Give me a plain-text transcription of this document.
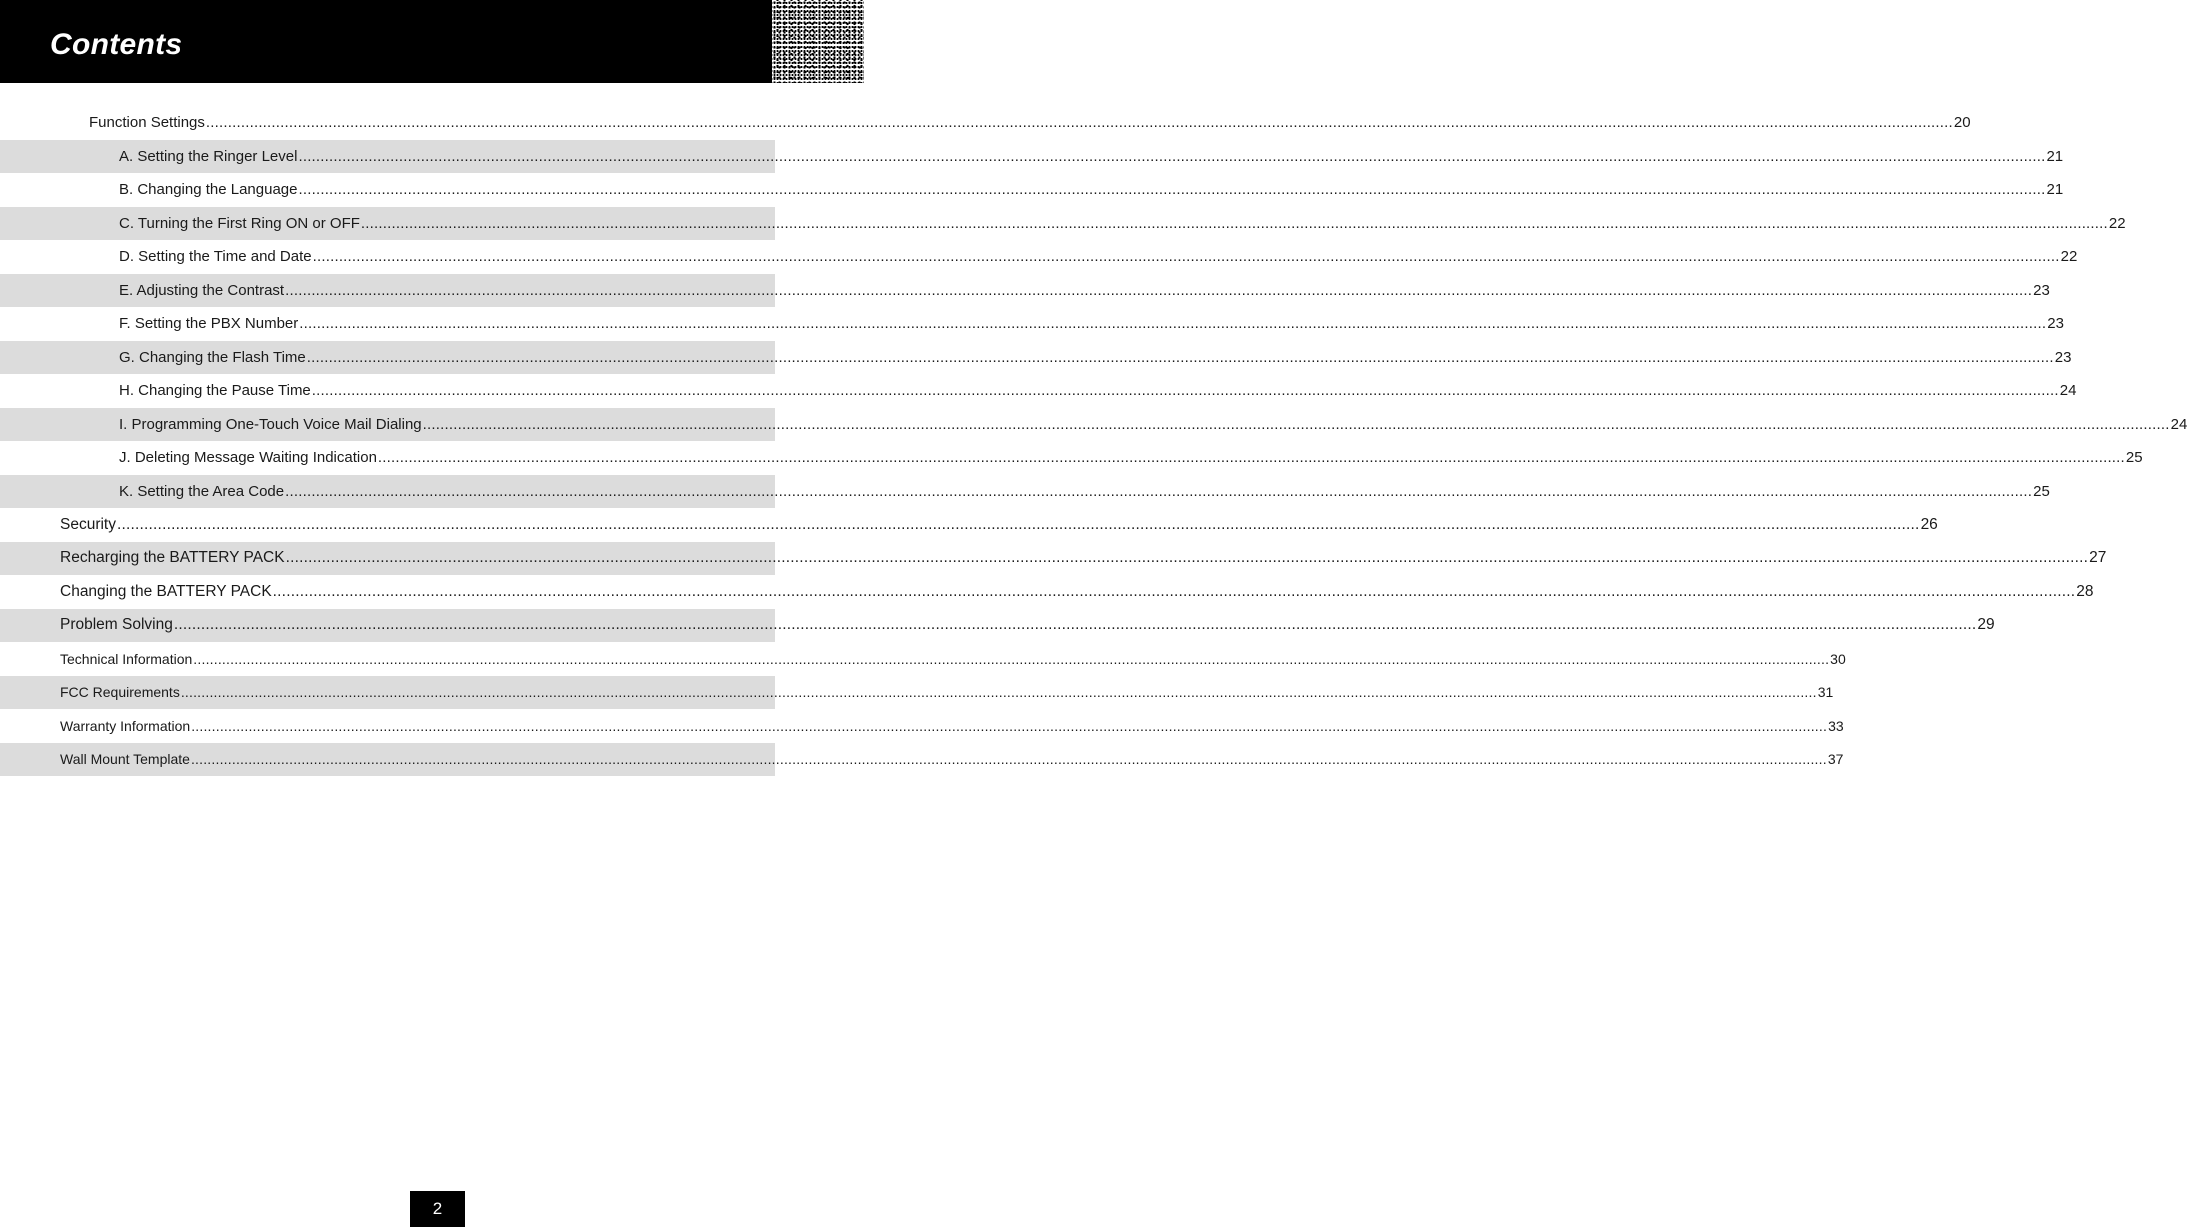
Contents
Function Settings ................................................................................................................................................................................................................................................................................................................................................................................................................ 20
A. Setting the Ringer Level ................................................................................................................................................................................................................................................................................................................................................................................................................ 21
B. Changing the Language ................................................................................................................................................................................................................................................................................................................................................................................................................ 21
C. Turning the First Ring ON or OFF ................................................................................................................................................................................................................................................................................................................................................................................................................ 22
D. Setting the Time and Date ................................................................................................................................................................................................................................................................................................................................................................................................................ 22
E. Adjusting the Contrast ................................................................................................................................................................................................................................................................................................................................................................................................................ 23
F. Setting the PBX Number ................................................................................................................................................................................................................................................................................................................................................................................................................ 23
G. Changing the Flash Time ................................................................................................................................................................................................................................................................................................................................................................................................................ 23
H. Changing the Pause Time ................................................................................................................................................................................................................................................................................................................................................................................................................ 24
I. Programming One-Touch Voice Mail Dialing ................................................................................................................................................................................................................................................................................................................................................................................................................ 24
J. Deleting Message Waiting Indication ................................................................................................................................................................................................................................................................................................................................................................................................................ 25
K. Setting the Area Code ................................................................................................................................................................................................................................................................................................................................................................................................................ 25
Security ................................................................................................................................................................................................................................................................................................................................................................................................................ 26
Recharging the BATTERY PACK ................................................................................................................................................................................................................................................................................................................................................................................................................ 27
Changing the BATTERY PACK ................................................................................................................................................................................................................................................................................................................................................................................................................ 28
Problem Solving ................................................................................................................................................................................................................................................................................................................................................................................................................ 29
Technical Information ................................................................................................................................................................................................................................................................................................................................................................................................................ 30
FCC Requirements ................................................................................................................................................................................................................................................................................................................................................................................................................ 31
Warranty Information ................................................................................................................................................................................................................................................................................................................................................................................................................ 33
Wall Mount Template ................................................................................................................................................................................................................................................................................................................................................................................................................ 37
2
